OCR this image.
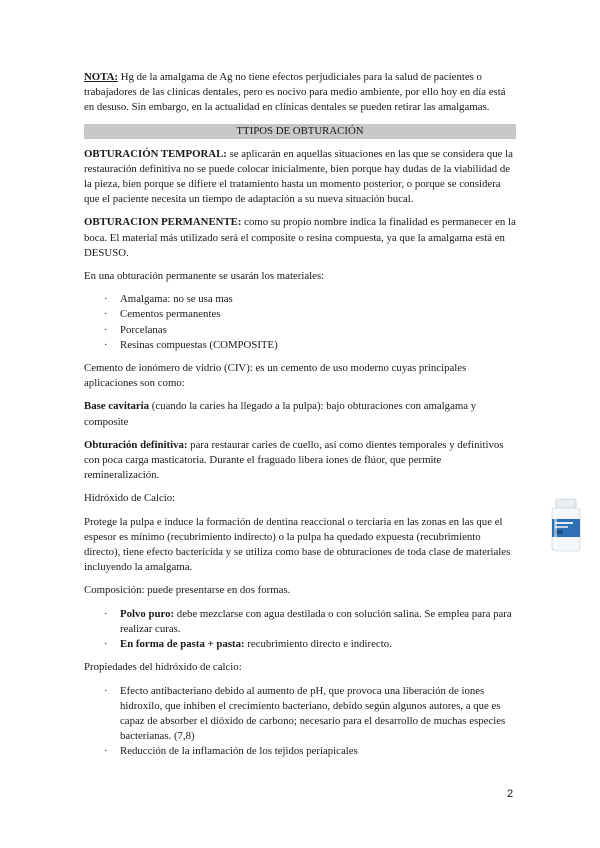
NOTA: Hg de la amalgama de Ag no tiene efectos perjudiciales para la salud de pacientes o trabajadores de las clínicas dentales, pero es nocivo para medio ambiente, por ello hoy en día está en desuso. Sin embargo, en la actualidad en clínicas dentales se pueden retirar las amalgamas.

TTIPOS DE OBTURACIÓN

OBTURACIÓN TEMPORAL: se aplicarán en aquellas situaciones en las que se considera que la restauración definitiva no se puede colocar inicialmente, bien porque hay dudas de la viabilidad de la pieza, bien porque se difiere el tratamiento hasta un momento posterior, o porque se considera que el paciente necesita un tiempo de adaptación a su nueva situación bucal.

OBTURACION PERMANENTE: como su propio nombre indica la finalidad es permanecer en la boca. El material más utilizado será el composite o resina compuesta, ya que la amalgama está en DESUSO.

En una obturación permanente se usarán los materiales:

· Amalgama: no se usa mas
· Cementos permanentes
· Porcelanas
· Resinas compuestas (COMPOSITE)

Cemento de ionómero de vidrio (CIV): es un cemento de uso moderno cuyas principales aplicaciones son como:

Base cavitaria (cuando la caries ha llegado a la pulpa): bajo obturaciones con amalgama y composite

Obturación definitiva: para restaurar caries de cuello, así como dientes temporales y definitivos con poca carga masticatoria. Durante el fraguado libera iones de flúor, que permite remineralización.

Hidróxido de Calcio:

Protege la pulpa e induce la formación de dentina reaccional o terciaria en las zonas en las que el espesor es mínimo (recubrimiento indirecto) o la pulpa ha quedado expuesta (recubrimiento directo), tiene efecto bactericida y se utiliza como base de obturaciones de toda clase de materiales incluyendo la amalgama.

Composición: puede presentarse en dos formas.

· Polvo puro: debe mezclarse con agua destilada o con solución salina. Se emplea para para realizar curas.
· En forma de pasta + pasta: recubrimiento directo e indirecto.

Propiedades del hidróxido de calcio:

· Efecto antibacteriano debido al aumento de pH, que provoca una liberación de iones hidroxilo, que inhiben el crecimiento bacteriano, debido según algunos autores, a que es capaz de absorber el dióxido de carbono; necesario para el desarrollo de muchas especies bacterianas. (7,8)
· Reducción de la inflamación de los tejidos periapicales
2
